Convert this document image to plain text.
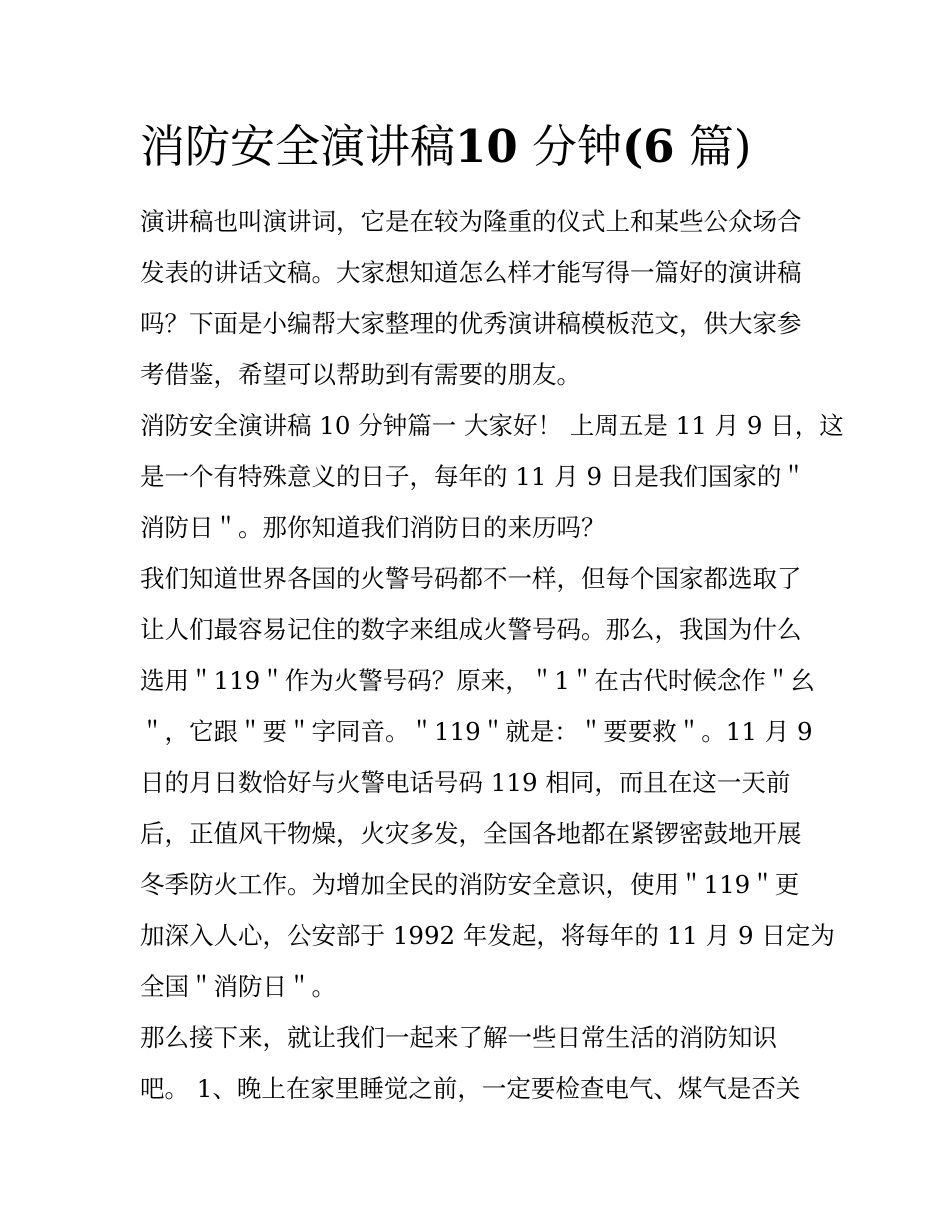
消防安全演讲稿10 分钟(6 篇)
演讲稿也叫演讲词，它是在较为隆重的仪式上和某些公众场合
发表的讲话文稿。大家想知道怎么样才能写得一篇好的演讲稿
吗？下面是小编帮大家整理的优秀演讲稿模板范文，供大家参
考借鉴，希望可以帮助到有需要的朋友。
消防安全演讲稿 10 分钟篇一 大家好！ 上周五是 11 月 9 日，这
是一个有特殊意义的日子，每年的 11 月 9 日是我们国家的＂
消防日＂。那你知道我们消防日的来历吗？
我们知道世界各国的火警号码都不一样，但每个国家都选取了
让人们最容易记住的数字来组成火警号码。那么，我国为什么
选用＂119＂作为火警号码？原来，＂1＂在古代时候念作＂幺
＂，它跟＂要＂字同音。＂119＂就是：＂要要救＂。11 月 9
日的月日数恰好与火警电话号码 119 相同，而且在这一天前
后，正值风干物燥，火灾多发，全国各地都在紧锣密鼓地开展
冬季防火工作。为增加全民的消防安全意识，使用＂119＂更
加深入人心，公安部于 1992 年发起，将每年的 11 月 9 日定为
全国＂消防日＂。
那么接下来，就让我们一起来了解一些日常生活的消防知识
吧。 1、晚上在家里睡觉之前，一定要检查电气、煤气是否关
